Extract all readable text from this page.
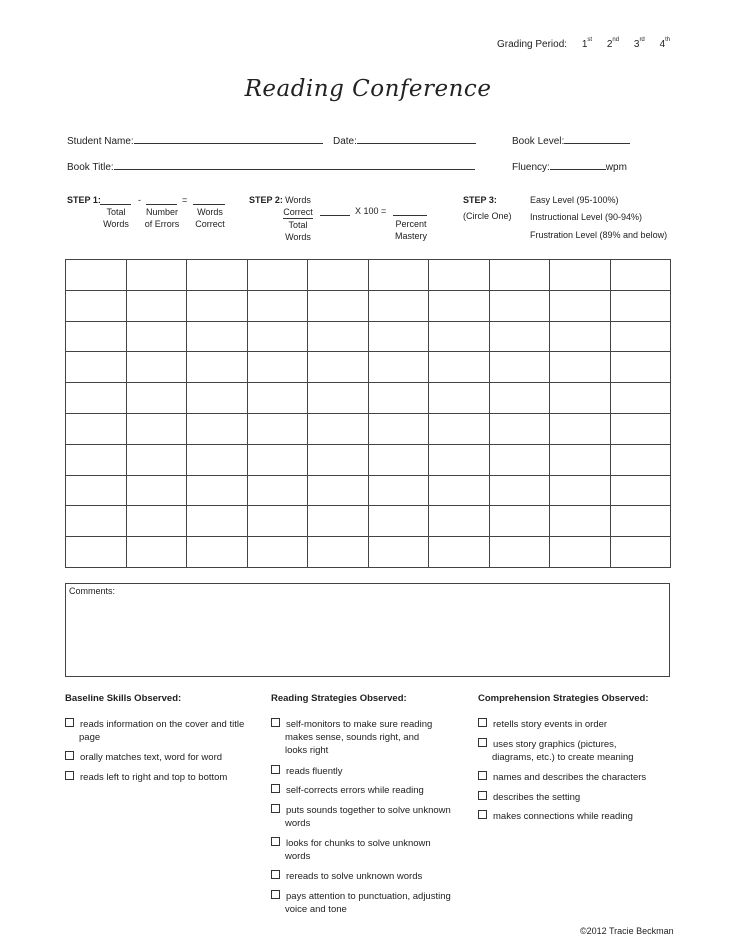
Grading Period: 1st 2nd 3rd 4th
Reading Conference
Student Name:	Date:	Book Level:
Book Title:	Fluency:	wpm
STEP 1:	-	=
Total
Words
Number
of Errors
Words
Correct
STEP 2: Words
Correct
Total
Words
X 100 =
Percent
Mastery
STEP 3:
(Circle One)
Easy Level (95-100%)
Instructional Level (90-94%)
Frustration Level (89% and below)

Comments:
Baseline Skills Observed:
reads information on the cover and title
page
orally matches text, word for word
reads left to right and top to bottom
Reading Strategies Observed:
self-monitors to make sure reading
makes sense, sounds right, and
looks right
reads fluently
self-corrects errors while reading
puts sounds together to solve unknown
words
looks for chunks to solve unknown
words
rereads to solve unknown words
pays attention to punctuation, adjusting
voice and tone
Comprehension Strategies Observed:
retells story events in order
uses story graphics (pictures,
diagrams, etc.) to create meaning
names and describes the characters
describes the setting
makes connections while reading
©2012 Tracie Beckman
